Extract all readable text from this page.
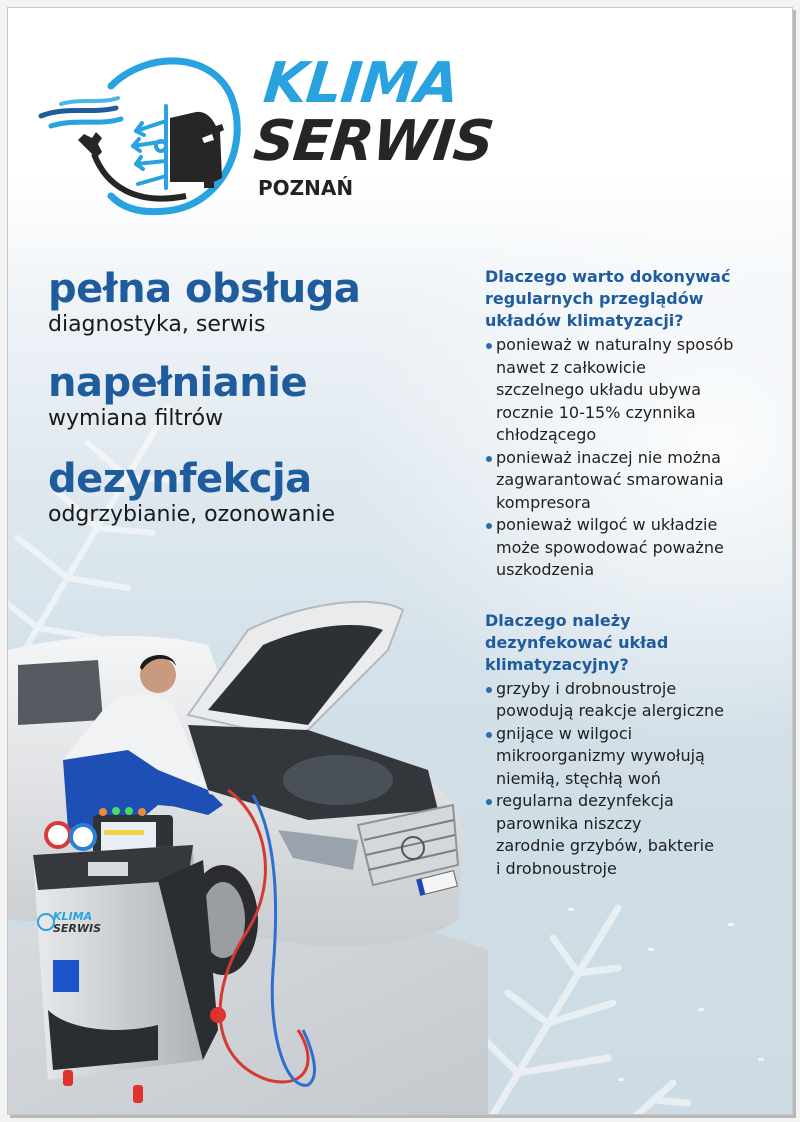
KLIMA
SERWIS
POZNAŃ
pełna obsługa
diagnostyka, serwis
napełnianie
wymiana filtrów
dezynfekcja
odgrzybianie, ozonowanie
Dlaczego warto dokonywać
regularnych przeglądów
układów klimatyzacji?
ponieważ w naturalny sposób
nawet z całkowicie
szczelnego układu ubywa
rocznie 10-15% czynnika
chłodzącego
ponieważ inaczej nie można
zagwarantować smarowania
kompresora
ponieważ wilgoć w układzie
może spowodować poważne
uszkodzenia
Dlaczego należy
dezynfekować układ
klimatyzacyjny?
grzyby i drobnoustroje
powodują reakcje alergiczne
gnijące w wilgoci
mikroorganizmy wywołują
niemiłą, stęchłą woń
regularna dezynfekcja
parownika niszczy
zarodnie grzybów, bakterie
i drobnoustroje
KLIMA
SERWIS
